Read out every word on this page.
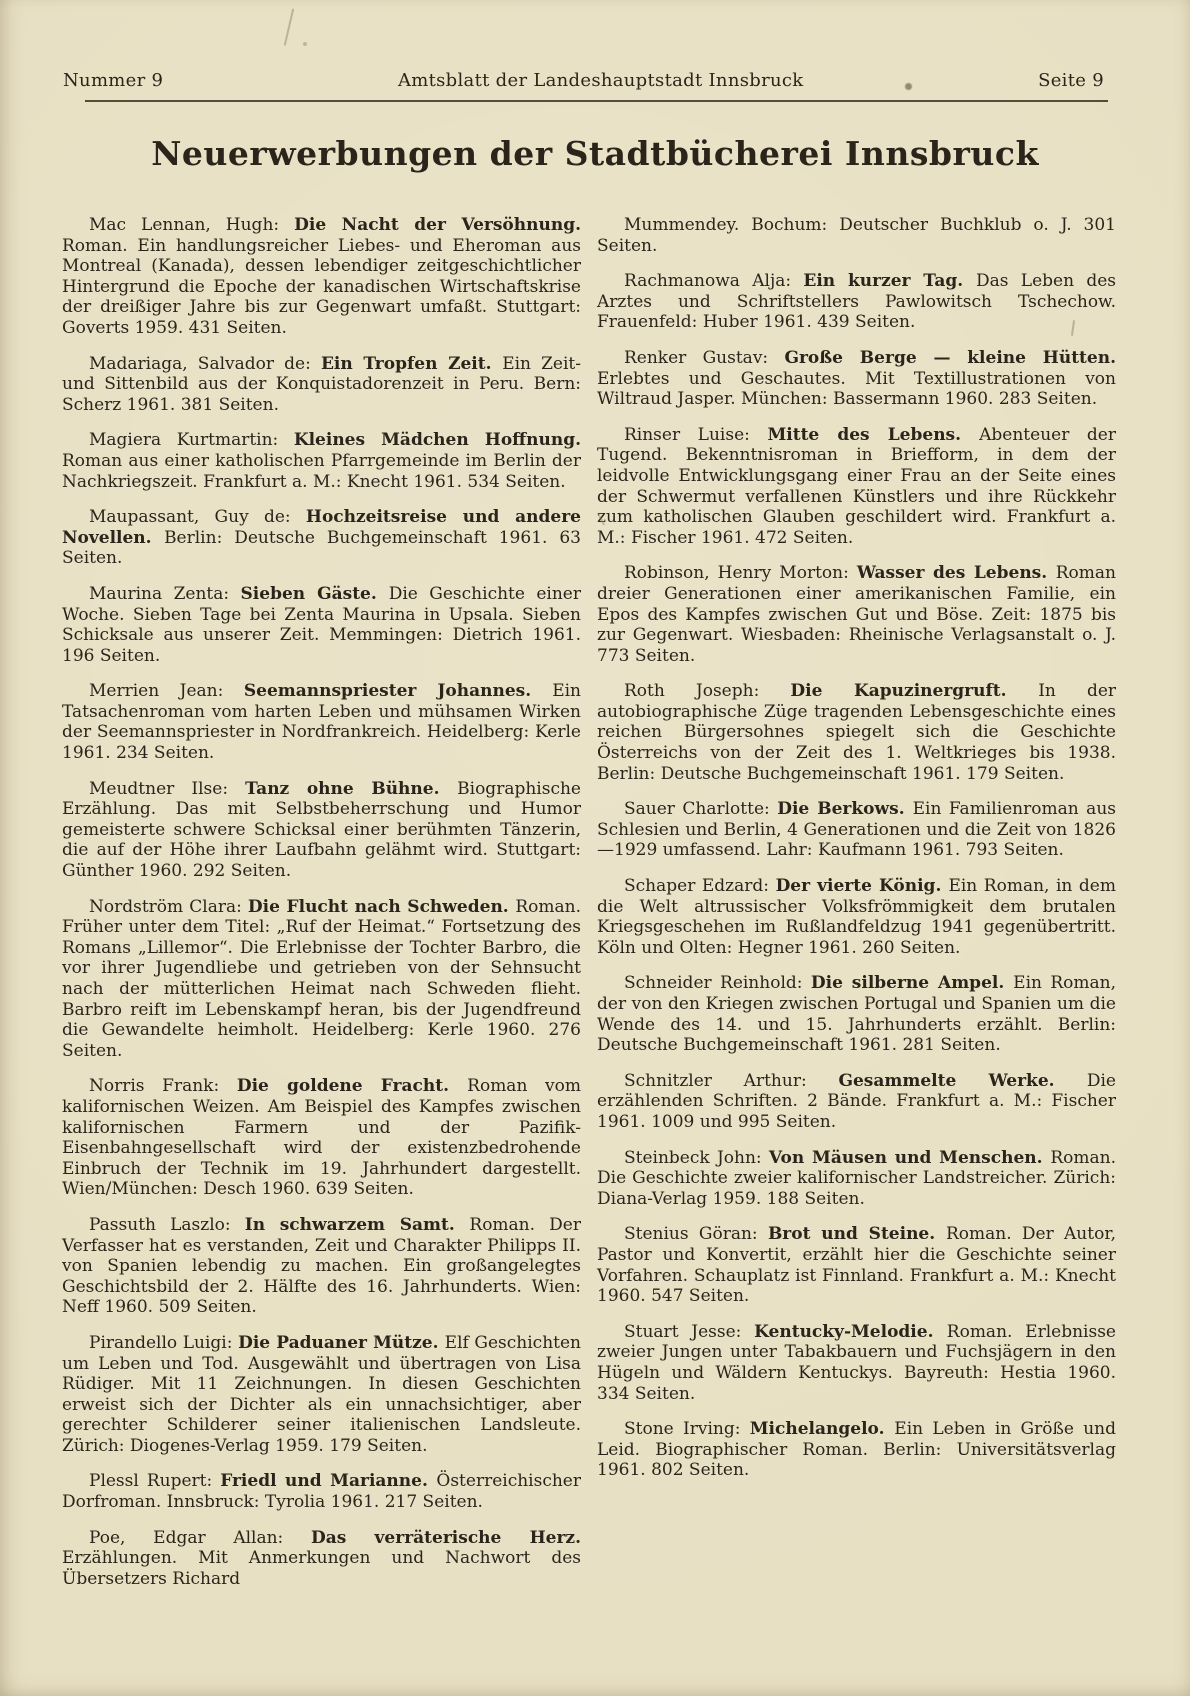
Nummer 9	Amtsblatt der Landeshauptstadt Innsbruck	Seite 9
Neuerwerbungen der Stadtbücherei Innsbruck

Mac Lennan, Hugh: Die Nacht der Versöhnung. Roman. Ein handlungsreicher Liebes- und Eheroman aus Montreal (Kanada), dessen lebendiger zeitgeschichtlicher Hintergrund die Epoche der kanadischen Wirtschaftskrise der dreißiger Jahre bis zur Gegenwart umfaßt. Stuttgart: Goverts 1959. 431 Seiten.

Madariaga, Salvador de: Ein Tropfen Zeit. Ein Zeit- und Sittenbild aus der Konquistadorenzeit in Peru. Bern: Scherz 1961. 381 Seiten.

Magiera Kurtmartin: Kleines Mädchen Hoffnung. Roman aus einer katholischen Pfarrgemeinde im Berlin der Nachkriegszeit. Frankfurt a. M.: Knecht 1961. 534 Seiten.

Maupassant, Guy de: Hochzeitsreise und andere Novellen. Berlin: Deutsche Buchgemeinschaft 1961. 63 Seiten.

Maurina Zenta: Sieben Gäste. Die Geschichte einer Woche. Sieben Tage bei Zenta Maurina in Upsala. Sieben Schicksale aus unserer Zeit. Memmingen: Dietrich 1961. 196 Seiten.

Merrien Jean: Seemannspriester Johannes. Ein Tatsachenroman vom harten Leben und mühsamen Wirken der Seemannspriester in Nordfrankreich. Heidelberg: Kerle 1961. 234 Seiten.

Meudtner Ilse: Tanz ohne Bühne. Biographische Erzählung. Das mit Selbstbeherrschung und Humor gemeisterte schwere Schicksal einer berühmten Tänzerin, die auf der Höhe ihrer Laufbahn gelähmt wird. Stuttgart: Günther 1960. 292 Seiten.

Nordström Clara: Die Flucht nach Schweden. Roman. Früher unter dem Titel: „Ruf der Heimat.“ Fortsetzung des Romans „Lillemor“. Die Erlebnisse der Tochter Barbro, die vor ihrer Jugendliebe und getrieben von der Sehnsucht nach der mütterlichen Heimat nach Schweden flieht. Barbro reift im Lebenskampf heran, bis der Jugendfreund die Gewandelte heimholt. Heidelberg: Kerle 1960. 276 Seiten.

Norris Frank: Die goldene Fracht. Roman vom kalifornischen Weizen. Am Beispiel des Kampfes zwischen kalifornischen Farmern und der Pazifik-Eisenbahngesellschaft wird der existenzbedrohende Einbruch der Technik im 19. Jahrhundert dargestellt. Wien/München: Desch 1960. 639 Seiten.

Passuth Laszlo: In schwarzem Samt. Roman. Der Verfasser hat es verstanden, Zeit und Charakter Philipps II. von Spanien lebendig zu machen. Ein großangelegtes Geschichtsbild der 2. Hälfte des 16. Jahrhunderts. Wien: Neff 1960. 509 Seiten.

Pirandello Luigi: Die Paduaner Mütze. Elf Geschichten um Leben und Tod. Ausgewählt und übertragen von Lisa Rüdiger. Mit 11 Zeichnungen. In diesen Geschichten erweist sich der Dichter als ein unnachsichtiger, aber gerechter Schilderer seiner italienischen Landsleute. Zürich: Diogenes-Verlag 1959. 179 Seiten.

Plessl Rupert: Friedl und Marianne. Österreichischer Dorfroman. Innsbruck: Tyrolia 1961. 217 Seiten.

Poe, Edgar Allan: Das verräterische Herz. Erzählungen. Mit Anmerkungen und Nachwort des Übersetzers Richard

Mummendey. Bochum: Deutscher Buchklub o. J. 301 Seiten.

Rachmanowa Alja: Ein kurzer Tag. Das Leben des Arztes und Schriftstellers Pawlowitsch Tschechow. Frauenfeld: Huber 1961. 439 Seiten.

Renker Gustav: Große Berge — kleine Hütten. Erlebtes und Geschautes. Mit Textillustrationen von Wiltraud Jasper. München: Bassermann 1960. 283 Seiten.

Rinser Luise: Mitte des Lebens. Abenteuer der Tugend. Bekenntnisroman in Briefform, in dem der leidvolle Entwicklungsgang einer Frau an der Seite eines der Schwermut verfallenen Künstlers und ihre Rückkehr zum katholischen Glauben geschildert wird. Frankfurt a. M.: Fischer 1961. 472 Seiten.

Robinson, Henry Morton: Wasser des Lebens. Roman dreier Generationen einer amerikanischen Familie, ein Epos des Kampfes zwischen Gut und Böse. Zeit: 1875 bis zur Gegenwart. Wiesbaden: Rheinische Verlagsanstalt o. J. 773 Seiten.

Roth Joseph: Die Kapuzinergruft. In der autobiographische Züge tragenden Lebensgeschichte eines reichen Bürgersohnes spiegelt sich die Geschichte Österreichs von der Zeit des 1. Weltkrieges bis 1938. Berlin: Deutsche Buchgemeinschaft 1961. 179 Seiten.

Sauer Charlotte: Die Berkows. Ein Familienroman aus Schlesien und Berlin, 4 Generationen und die Zeit von 1826—1929 umfassend. Lahr: Kaufmann 1961. 793 Seiten.

Schaper Edzard: Der vierte König. Ein Roman, in dem die Welt altrussischer Volksfrömmigkeit dem brutalen Kriegsgeschehen im Rußlandfeldzug 1941 gegenübertritt. Köln und Olten: Hegner 1961. 260 Seiten.

Schneider Reinhold: Die silberne Ampel. Ein Roman, der von den Kriegen zwischen Portugal und Spanien um die Wende des 14. und 15. Jahrhunderts erzählt. Berlin: Deutsche Buchgemeinschaft 1961. 281 Seiten.

Schnitzler Arthur: Gesammelte Werke. Die erzählenden Schriften. 2 Bände. Frankfurt a. M.: Fischer 1961. 1009 und 995 Seiten.

Steinbeck John: Von Mäusen und Menschen. Roman. Die Geschichte zweier kalifornischer Landstreicher. Zürich: Diana-Verlag 1959. 188 Seiten.

Stenius Göran: Brot und Steine. Roman. Der Autor, Pastor und Konvertit, erzählt hier die Geschichte seiner Vorfahren. Schauplatz ist Finnland. Frankfurt a. M.: Knecht 1960. 547 Seiten.

Stuart Jesse: Kentucky-Melodie. Roman. Erlebnisse zweier Jungen unter Tabakbauern und Fuchsjägern in den Hügeln und Wäldern Kentuckys. Bayreuth: Hestia 1960. 334 Seiten.

Stone Irving: Michelangelo. Ein Leben in Größe und Leid. Biographischer Roman. Berlin: Universitätsverlag 1961. 802 Seiten.
